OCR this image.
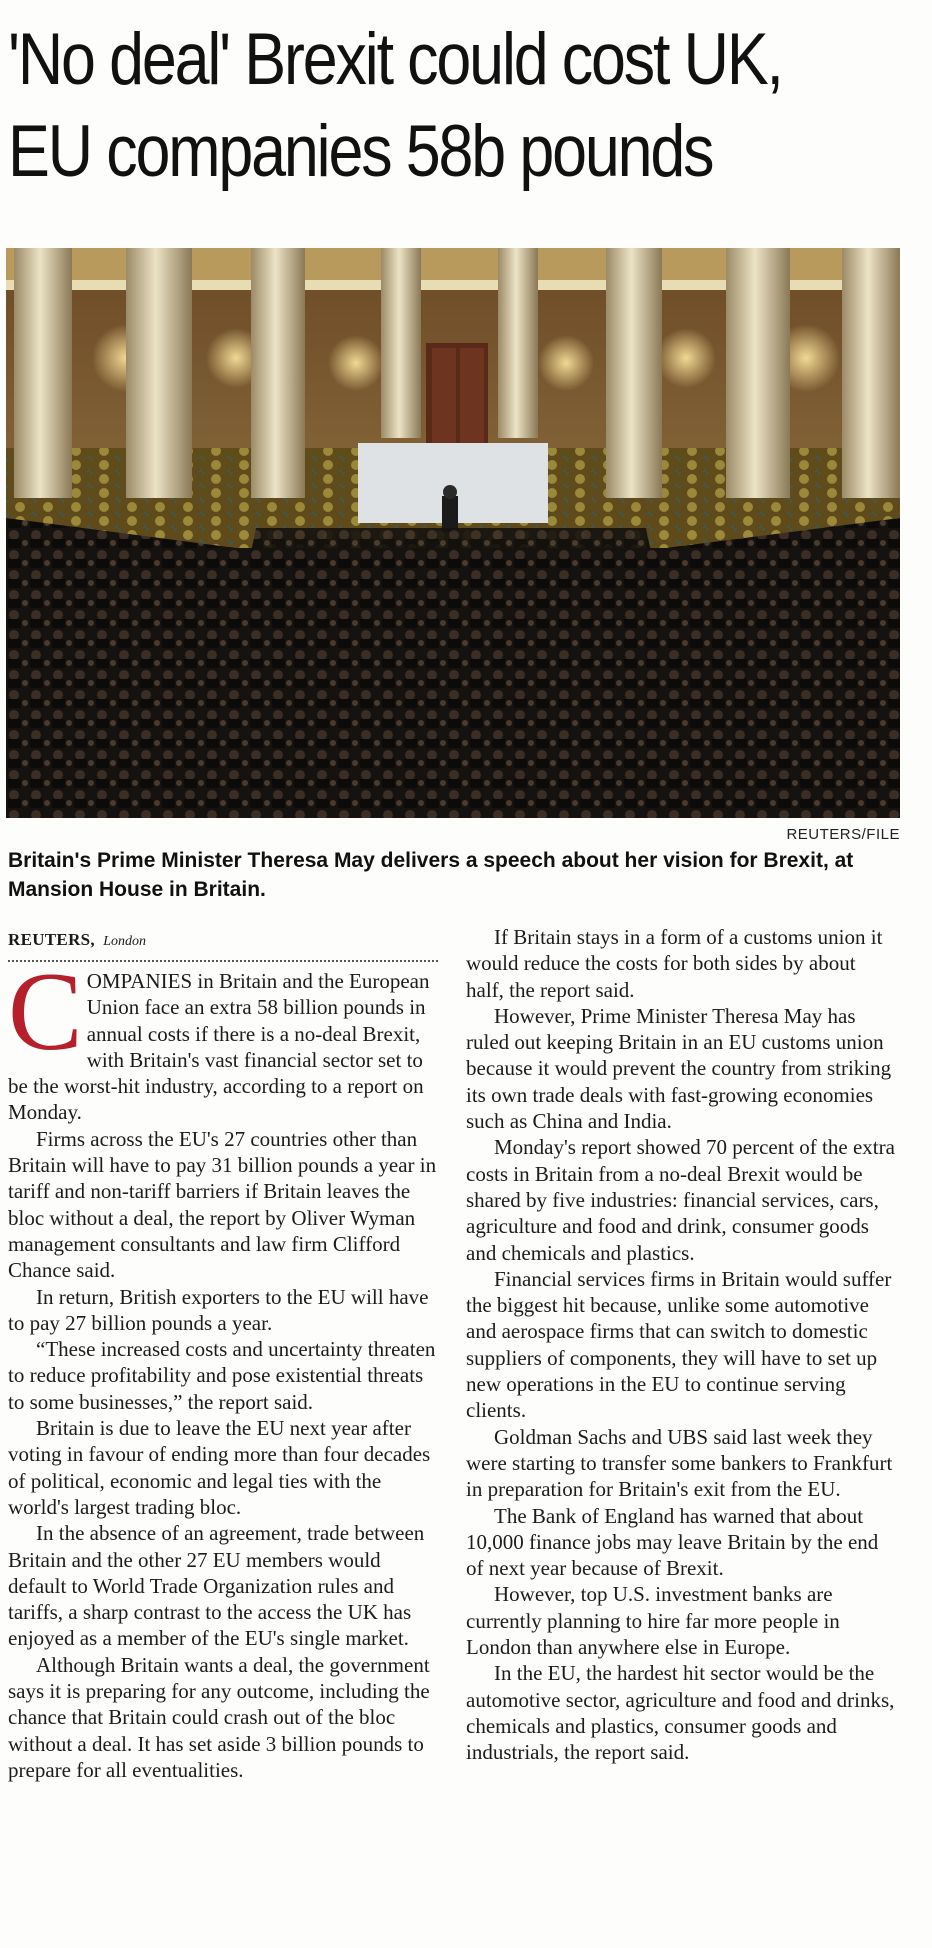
'No deal' Brexit could cost UK,
EU companies 58b pounds
REUTERS/FILE

Britain's Prime Minister Theresa May delivers a speech about her vision for Brexit, at Mansion House in Britain.

REUTERS, London

COMPANIES in Britain and the European Union face an extra 58 billion pounds in annual costs if there is a no-deal Brexit, with Britain's vast financial sector set to be the worst-hit industry, according to a report on Monday.

Firms across the EU's 27 countries other than Britain will have to pay 31 billion pounds a year in tariff and non-tariff barriers if Britain leaves the bloc without a deal, the report by Oliver Wyman management consultants and law firm Clifford Chance said.

In return, British exporters to the EU will have to pay 27 billion pounds a year.

“These increased costs and uncertainty threaten to reduce profitability and pose existential threats to some businesses,” the report said.

Britain is due to leave the EU next year after voting in favour of ending more than four decades of political, economic and legal ties with the world's largest trading bloc.

In the absence of an agreement, trade between Britain and the other 27 EU members would default to World Trade Organization rules and tariffs, a sharp contrast to the access the UK has enjoyed as a member of the EU's single market.

Although Britain wants a deal, the government says it is preparing for any outcome, including the chance that Britain could crash out of the bloc without a deal. It has set aside 3 billion pounds to prepare for all eventualities.

If Britain stays in a form of a customs union it would reduce the costs for both sides by about half, the report said.

However, Prime Minister Theresa May has ruled out keeping Britain in an EU customs union because it would prevent the country from striking its own trade deals with fast-growing economies such as China and India.

Monday's report showed 70 percent of the extra costs in Britain from a no-deal Brexit would be shared by five industries: financial services, cars, agriculture and food and drink, consumer goods and chemicals and plastics.

Financial services firms in Britain would suffer the biggest hit because, unlike some automotive and aerospace firms that can switch to domestic suppliers of components, they will have to set up new operations in the EU to continue serving clients.

Goldman Sachs and UBS said last week they were starting to transfer some bankers to Frankfurt in preparation for Britain's exit from the EU.

The Bank of England has warned that about 10,000 finance jobs may leave Britain by the end of next year because of Brexit.

However, top U.S. investment banks are currently planning to hire far more people in London than anywhere else in Europe.

In the EU, the hardest hit sector would be the automotive sector, agriculture and food and drinks, chemicals and plastics, consumer goods and industrials, the report said.
